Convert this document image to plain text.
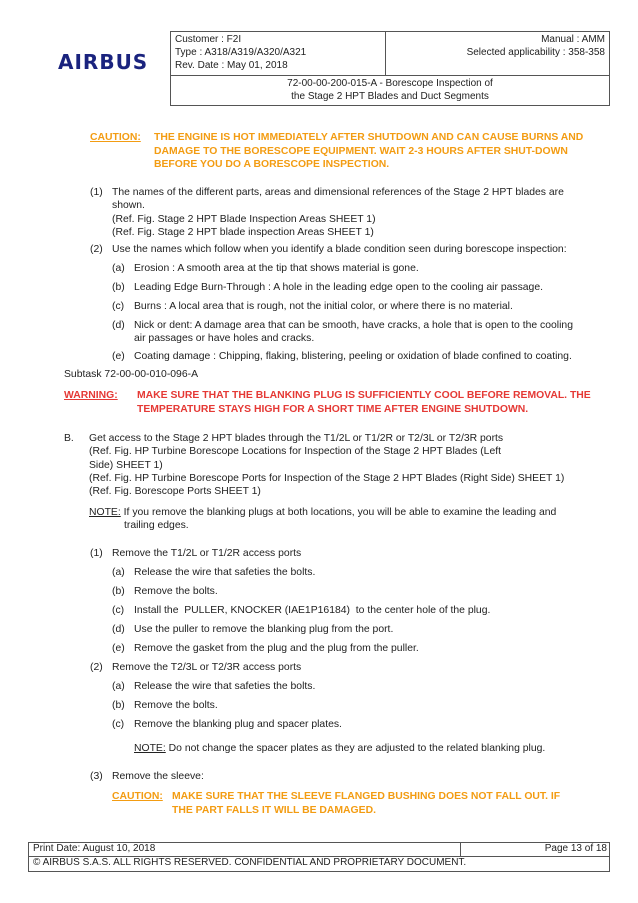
AIRBUS
Customer : F2I
Type : A318/A319/A320/A321
Rev. Date : May 01, 2018
Manual : AMM
Selected applicability : 358-358
72-00-00-200-015-A - Borescope Inspection of
the Stage 2 HPT Blades and Duct Segments
CAUTION:	THE ENGINE IS HOT IMMEDIATELY AFTER SHUTDOWN AND CAN CAUSE BURNS AND DAMAGE TO THE BORESCOPE EQUIPMENT. WAIT 2-3 HOURS AFTER SHUT-DOWN BEFORE YOU DO A BORESCOPE INSPECTION.
(1) The names of the different parts, areas and dimensional references of the Stage 2 HPT blades are
shown.
(Ref. Fig. Stage 2 HPT Blade Inspection Areas SHEET 1)
(Ref. Fig. Stage 2 HPT blade inspection Areas SHEET 1)
(2) Use the names which follow when you identify a blade condition seen during borescope inspection:
(a) Erosion : A smooth area at the tip that shows material is gone.
(b) Leading Edge Burn-Through : A hole in the leading edge open to the cooling air passage.
(c) Burns : A local area that is rough, not the initial color, or where there is no material.
(d) Nick or dent: A damage area that can be smooth, have cracks, a hole that is open to the cooling
air passages or have holes and cracks.
(e) Coating damage : Chipping, flaking, blistering, peeling or oxidation of blade confined to coating.
Subtask 72-00-00-010-096-A
WARNING:	MAKE SURE THAT THE BLANKING PLUG IS SUFFICIENTLY COOL BEFORE REMOVAL. THE TEMPERATURE STAYS HIGH FOR A SHORT TIME AFTER ENGINE SHUTDOWN.
B.	Get access to the Stage 2 HPT blades through the T1/2L or T1/2R or T2/3L or T2/3R ports
(Ref. Fig. HP Turbine Borescope Locations for Inspection of the Stage 2 HPT Blades (Left
Side) SHEET 1)
(Ref. Fig. HP Turbine Borescope Ports for Inspection of the Stage 2 HPT Blades (Right Side) SHEET 1)
(Ref. Fig. Borescope Ports SHEET 1)
NOTE: If you remove the blanking plugs at both locations, you will be able to examine the leading and
trailing edges.
(1) Remove the T1/2L or T1/2R access ports
(a) Release the wire that safeties the bolts.
(b) Remove the bolts.
(c) Install the  PULLER, KNOCKER (IAE1P16184)  to the center hole of the plug.
(d) Use the puller to remove the blanking plug from the port.
(e) Remove the gasket from the plug and the plug from the puller.
(2) Remove the T2/3L or T2/3R access ports
(a) Release the wire that safeties the bolts.
(b) Remove the bolts.
(c) Remove the blanking plug and spacer plates.
NOTE: Do not change the spacer plates as they are adjusted to the related blanking plug.
(3) Remove the sleeve:
CAUTION: MAKE SURE THAT THE SLEEVE FLANGED BUSHING DOES NOT FALL OUT. IF
THE PART FALLS IT WILL BE DAMAGED.
Print Date: August 10, 2018	Page 13 of 18
© AIRBUS S.A.S. ALL RIGHTS RESERVED. CONFIDENTIAL AND PROPRIETARY DOCUMENT.
